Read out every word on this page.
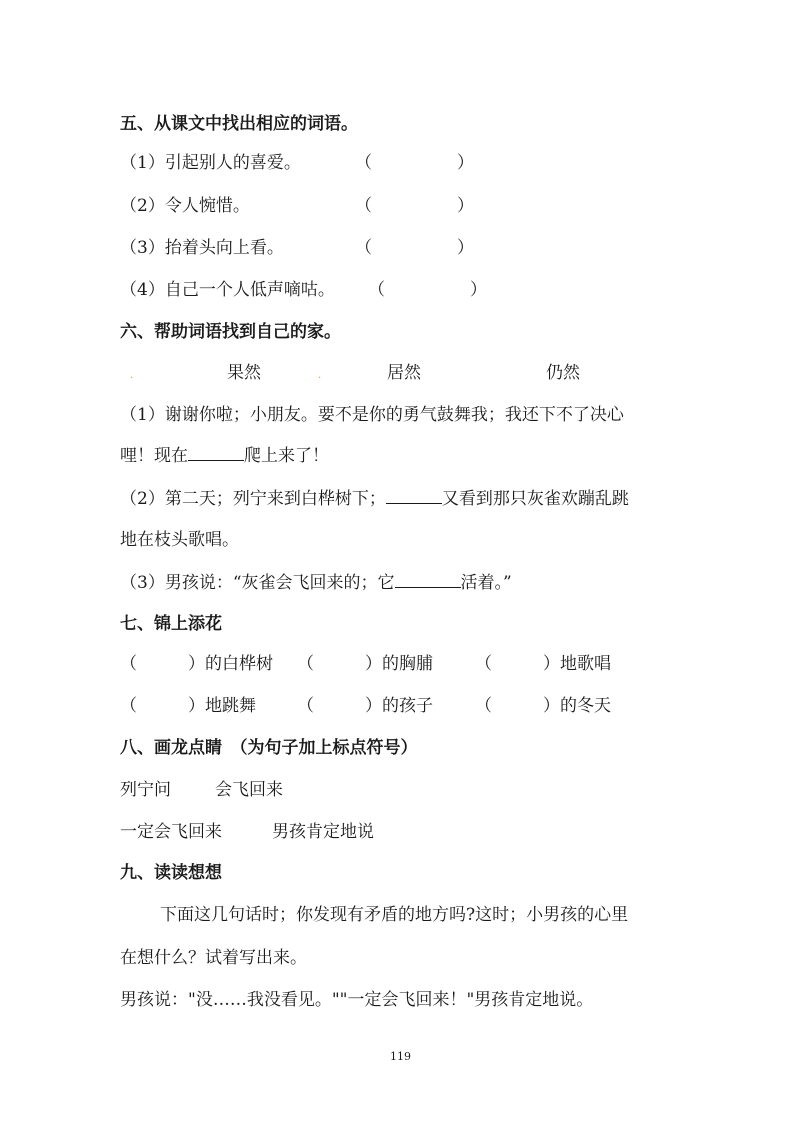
五、从课文中找出相应的词语。
（1）引起别人的喜爱。	（　　　　　）
（2）令人惋惜。	（　　　　　）
（3）抬着头向上看。	（　　　　　）
（4）自己一个人低声嘀咕。 （　　　　　）
六、帮助词语找到自己的家。
.	果然	.	居然	仍然
（1）谢谢你啦；小朋友。要不是你的勇气鼓舞我；我还下不了决心
哩！现在	爬上来了！
（2）第二天；列宁来到白桦树下；	又看到那只灰雀欢蹦乱跳
地在枝头歌唱。
（3）男孩说：“灰雀会飞回来的；它	活着。”
七、锦上添花
（　　　）的白桦树 （　　　）的胸脯 （　　　）地歌唱
（　　　）地跳舞 （　　　）的孩子 （　　　）的冬天
八、画龙点睛　（为句子加上标点符号）
列宁问	会飞回来
一定会飞回来	男孩肯定地说
九、读读想想
下面这几句话时；你发现有矛盾的地方吗?这时；小男孩的心里
在想什么？试着写出来。
男孩说："没……我没看见。""一定会飞回来！"男孩肯定地说。
119
